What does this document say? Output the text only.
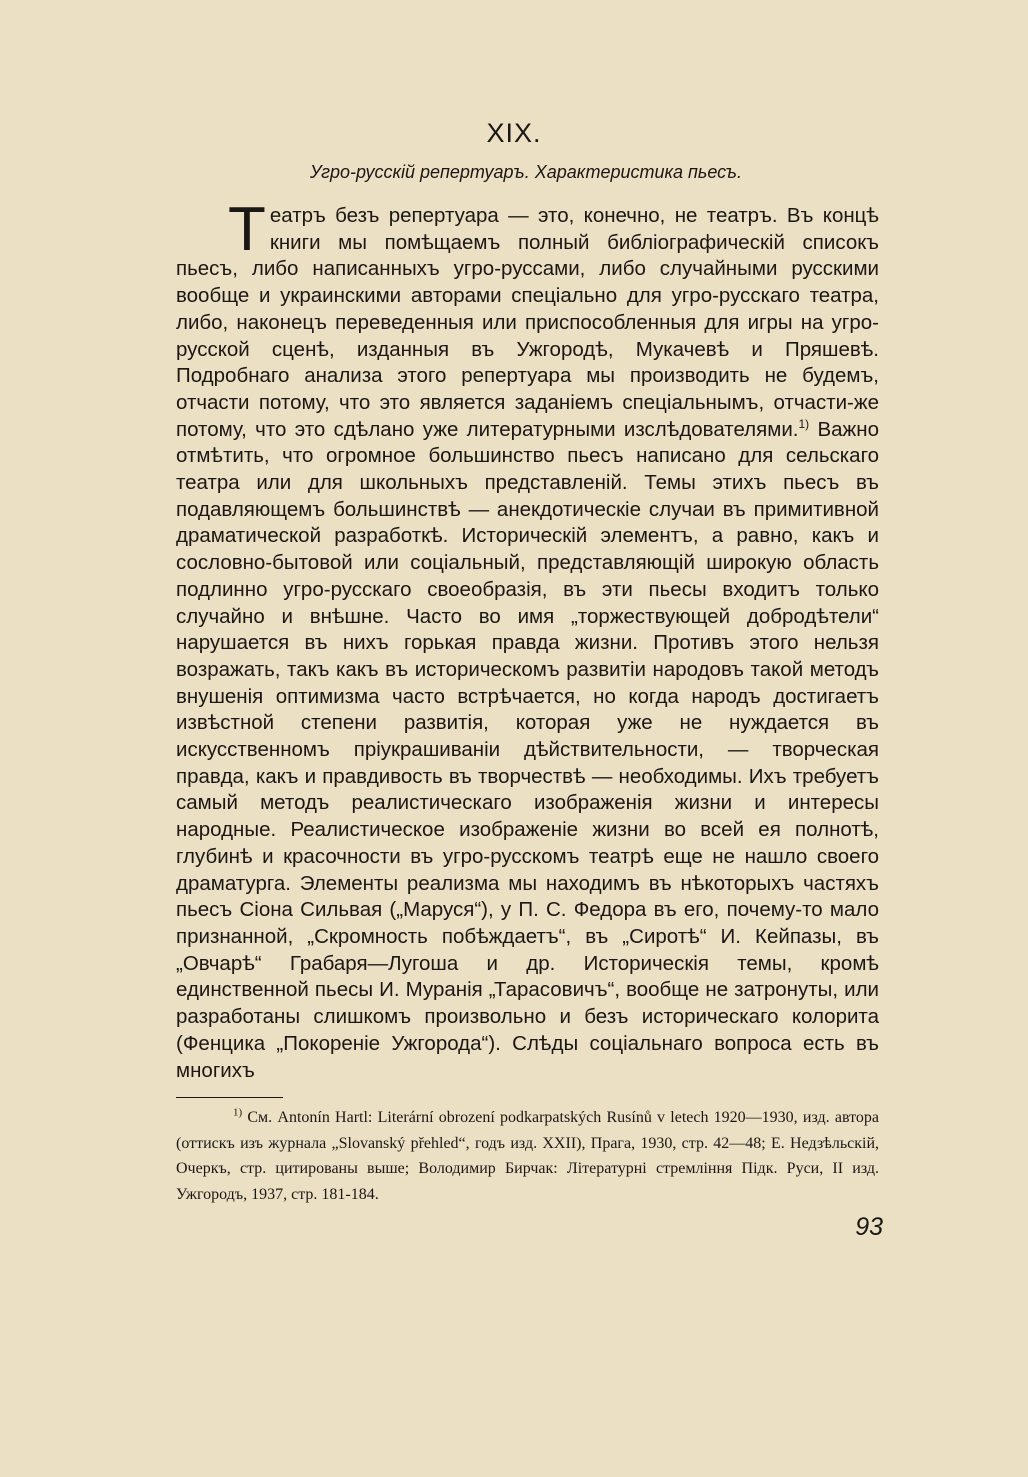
XIX.
Угро-русскій репертуаръ. Характеристика пьесъ.

Театръ безъ репертуара — это, конечно, не театръ. Въ концѣ книги мы помѣщаемъ полный библіографическій списокъ пьесъ, либо написанныхъ угро-руссами, либо случайными русскими вообще и украинскими авторами спеціально для угро-русскаго театра, либо, наконецъ переведенныя или приспособленныя для игры на угро-русской сценѣ, изданныя въ Ужгородѣ, Мукачевѣ и Пряшевѣ. Подробнаго анализа этого репертуара мы производить не будемъ, отчасти потому, что это является заданіемъ спеціальнымъ, отчасти-же потому, что это сдѣлано уже литературными изслѣдователями.$^{1)}$ Важно отмѣтить, что огромное большинство пьесъ написано для сельскаго театра или для школьныхъ представленій. Темы этихъ пьесъ въ подавляющемъ большинствѣ — анекдотическіе случаи въ примитивной драматической разработкѣ. Историческій элементъ, а равно, какъ и сословно-бытовой или соціальный, представляющій широкую область подлинно угро-русскаго своеобразія, въ эти пьесы входитъ только случайно и внѣшне. Часто во имя „торжествующей добродѣтели“ нарушается въ нихъ горькая правда жизни. Противъ этого нельзя возражать, такъ какъ въ историческомъ развитіи народовъ такой методъ внушенія оптимизма часто встрѣчается, но когда народъ достигаетъ извѣстной степени развитія, которая уже не нуждается въ искусственномъ пріукрашиваніи дѣйствительности, — творческая правда, какъ и правдивость въ творчествѣ — необходимы. Ихъ требуетъ самый методъ реалистическаго изображенія жизни и интересы народные. Реалистическое изображеніе жизни во всей ея полнотѣ, глубинѣ и красочности въ угро-русскомъ театрѣ еще не нашло своего драматурга. Элементы реализма мы находимъ въ нѣкоторыхъ частяхъ пьесъ Сіона Сильвая („Маруся“), у П. С. Федора въ его, почему-то мало признанной, „Скромность побѣждаетъ“, въ „Сиротѣ“ И. Кейпазы, въ „Овчарѣ“ Грабаря—Лугоша и др. Историческія темы, кромѣ единственной пьесы И. Муранія „Тарасовичъ“, вообще не затронуты, или разработаны слишкомъ произвольно и безъ историческаго колорита (Фенцика „Покореніе Ужгорода“). Слѣды соціальнаго вопроса есть въ многихъ

$^{1)}$ См. Antonín Hartl: Literární obrození podkarpatských Rusínů v letech 1920—1930, изд. автора (оттискъ изъ журнала „Slovanský přehled“, годъ изд. XXII), Прага, 1930, стр. 42—48; Е. Недзѣльскій, Очеркъ, стр. цитированы выше; Володимир Бирчак: Літературні стремління Підк. Руси, II изд. Ужгородъ, 1937, стр. 181-184.
93
